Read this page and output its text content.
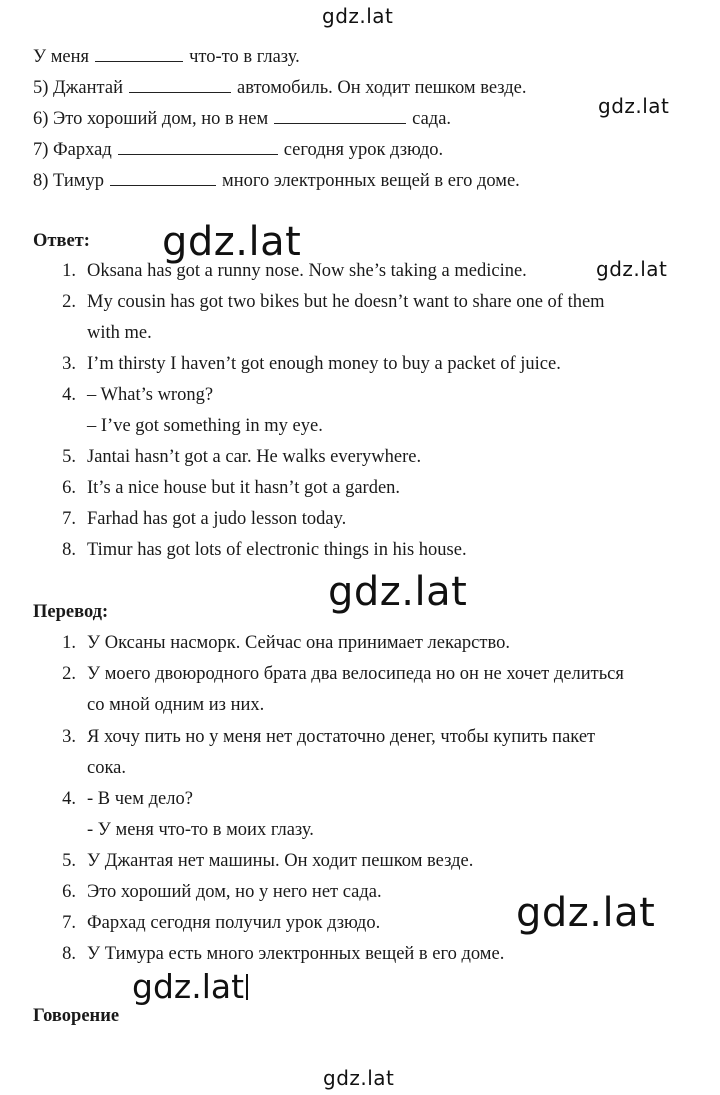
gdz.lat
gdz.lat
gdz.lat
gdz.lat
gdz.lat
gdz.lat
gdz.lat
gdz.lat
У меня	что-то в глазу.
5) Джантай	автомобиль. Он ходит пешком везде.
6) Это хороший дом, но в нем	сада.
7) Фархад	сегодня урок дзюдо.
8) Тимур	много электронных вещей в его доме.
Ответ:
1. Oksana has got a runny nose. Now she’s taking a medicine.
2. My cousin has got two bikes but he doesn’t want to share one of them
with me.
3. I’m thirsty I haven’t got enough money to buy a packet of juice.
4. – What’s wrong?
– I’ve got something in my eye.
5. Jantai hasn’t got a car. He walks everywhere.
6. It’s a nice house but it hasn’t got a garden.
7. Farhad has got a judo lesson today.
8. Timur has got lots of electronic things in his house.
Перевод:
1. У Оксаны насморк. Сейчас она принимает лекарство.
2. У моего двоюродного брата два велосипеда но он не хочет делиться
со мной одним из них.
3. Я хочу пить но у меня нет достаточно денег, чтобы купить пакет
сока.
4. - В чем дело?
- У меня что-то в моих глазу.
5. У Джантая нет машины. Он ходит пешком везде.
6. Это хороший дом, но у него нет сада.
7. Фархад сегодня получил урок дзюдо.
8. У Тимура есть много электронных вещей в его доме.
Говорение
